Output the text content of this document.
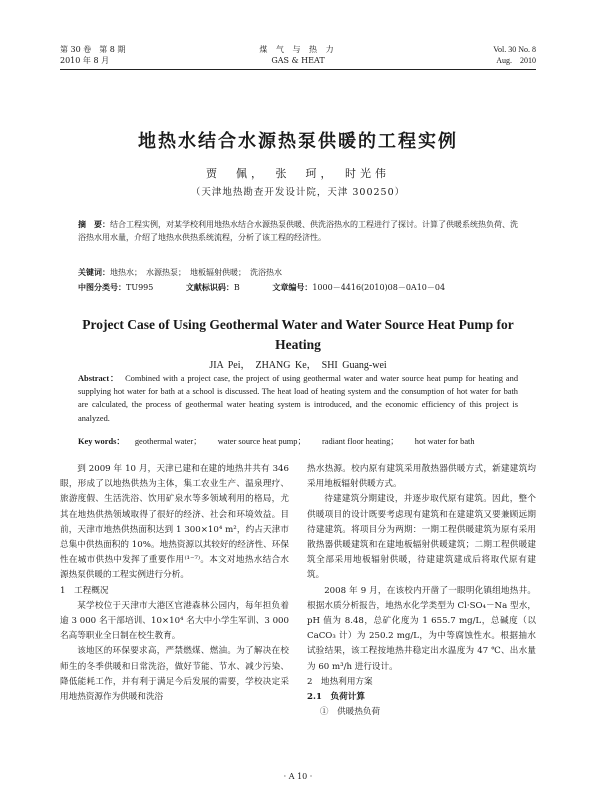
第 30 卷　第 8 期
2010 年 8 月
煤 气 与 热 力
GAS & HEAT
Vol. 30 No. 8
Aug.　2010
地热水结合水源热泵供暖的工程实例
贾　佩，　张　珂，　时光伟
（天津地热勘查开发设计院，天津 300250）
摘　要：结合工程实例，对某学校利用地热水结合水源热泵供暖、供洗浴热水的工程进行了探讨。计算了供暖系统热负荷、洗浴热水用水量，介绍了地热水供热系统流程，分析了该工程的经济性。
关键词：地热水；　水源热泵；　地板辐射供暖；　洗浴热水
中图分类号：TU995	文献标识码：B	文章编号：1000－4416(2010)08－0A10－04
Project Case of Using Geothermal Water and Water Source Heat Pump for Heating
JIA Pei，　ZHANG Ke，　SHI Guang-wei
Abstract： Combined with a project case, the project of using geothermal water and water source heat pump for heating and supplying hot water for bath at a school is discussed. The heat load of heating system and the consumption of hot water for bath are calculated, the process of geothermal water heating system is introduced, and the economic efficiency of this project is analyzed.
Key words： geothermal water； water source heat pump； radiant floor heating； hot water for bath

到 2009 年 10 月，天津已建和在建的地热井共有 346 眼，形成了以地热供热为主体，集工农业生产、温泉理疗、旅游度假、生活洗浴、饮用矿泉水等多领域利用的格局，尤其在地热供热领域取得了很好的经济、社会和环境效益。目前，天津市地热供热面积达到 1 300×10⁴ m²，约占天津市总集中供热面积的 10%。地热资源以其较好的经济性、环保性在城市供热中发挥了重要作用⁽¹⁻⁷⁾。本文对地热水结合水源热泵供暖的工程实例进行分析。

1　工程概况

某学校位于天津市大港区官港森林公园内，每年担负着逾 3 000 名干部培训、10×10⁴ 名大中小学生军训、3 000 名高等职业全日制在校生教育。

该地区的环保要求高，严禁燃煤、燃油。为了解决在校师生的冬季供暖和日常洗浴，做好节能、节水、减少污染、降低能耗工作，并有利于满足今后发展的需要，学校决定采用地热资源作为供暖和洗浴

热水热源。校内原有建筑采用散热器供暖方式，新建建筑均采用地板辐射供暖方式。

待建建筑分期建设，并逐步取代原有建筑。因此，整个供暖项目的设计既要考虑现有建筑和在建建筑又要兼顾远期待建建筑。将项目分为两期：一期工程供暖建筑为原有采用散热器供暖建筑和在建地板辐射供暖建筑；二期工程供暖建筑全部采用地板辐射供暖，待建建筑建成后将取代原有建筑。

2008 年 9 月，在该校内开凿了一眼明化镇组地热井。根据水质分析报告，地热水化学类型为 Cl·SO₄－Na 型水，pH 值为 8.48，总矿化度为 1 655.7 mg/L，总碱度（以 CaCO₃ 计）为 250.2 mg/L，为中等腐蚀性水。根据抽水试验结果，该工程按地热井稳定出水温度为 47 ℃、出水量为 60 m³/h 进行设计。

2　地热利用方案
2.1　负荷计算
①　供暖热负荷
· A 10 ·
